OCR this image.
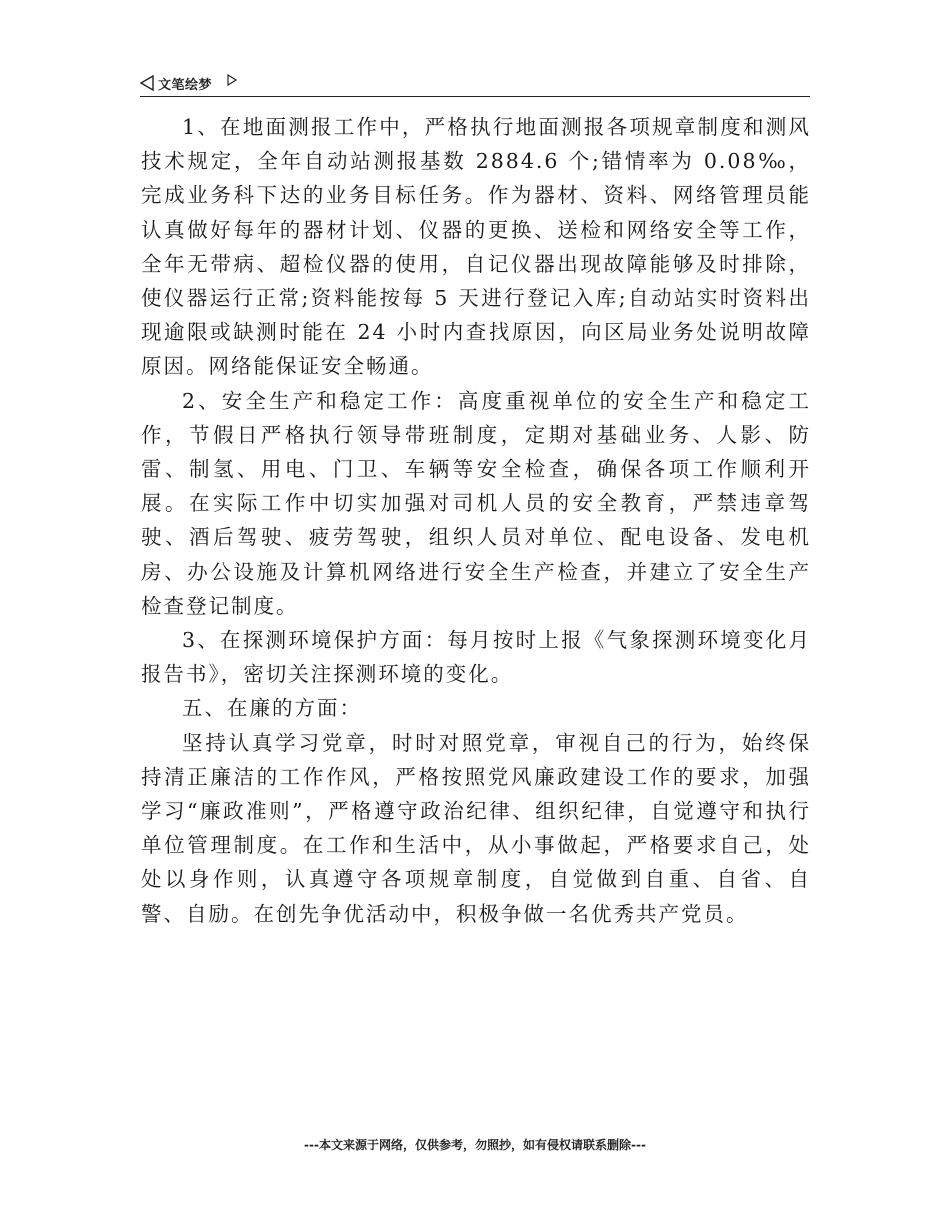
文笔绘梦

1、在地面测报工作中，严格执行地面测报各项规章制度和测风技术规定，全年自动站测报基数 2884.6 个;错情率为 0.08‰，完成业务科下达的业务目标任务。作为器材、资料、网络管理员能认真做好每年的器材计划、仪器的更换、送检和网络安全等工作，全年无带病、超检仪器的使用，自记仪器出现故障能够及时排除，使仪器运行正常;资料能按每 5 天进行登记入库;自动站实时资料出现逾限或缺测时能在 24 小时内查找原因，向区局业务处说明故障原因。网络能保证安全畅通。

2、安全生产和稳定工作：高度重视单位的安全生产和稳定工作，节假日严格执行领导带班制度，定期对基础业务、人影、防雷、制氢、用电、门卫、车辆等安全检查，确保各项工作顺利开展。在实际工作中切实加强对司机人员的安全教育，严禁违章驾驶、酒后驾驶、疲劳驾驶，组织人员对单位、配电设备、发电机房、办公设施及计算机网络进行安全生产检查，并建立了安全生产检查登记制度。

3、在探测环境保护方面：每月按时上报《气象探测环境变化月报告书》，密切关注探测环境的变化。

五、在廉的方面：

坚持认真学习党章，时时对照党章，审视自己的行为，始终保持清正廉洁的工作作风，严格按照党风廉政建设工作的要求，加强学习“廉政准则”，严格遵守政治纪律、组织纪律，自觉遵守和执行单位管理制度。在工作和生活中，从小事做起，严格要求自己，处处以身作则，认真遵守各项规章制度，自觉做到自重、自省、自警、自励。在创先争优活动中，积极争做一名优秀共产党员。

---本文来源于网络，仅供参考，勿照抄，如有侵权请联系删除---
